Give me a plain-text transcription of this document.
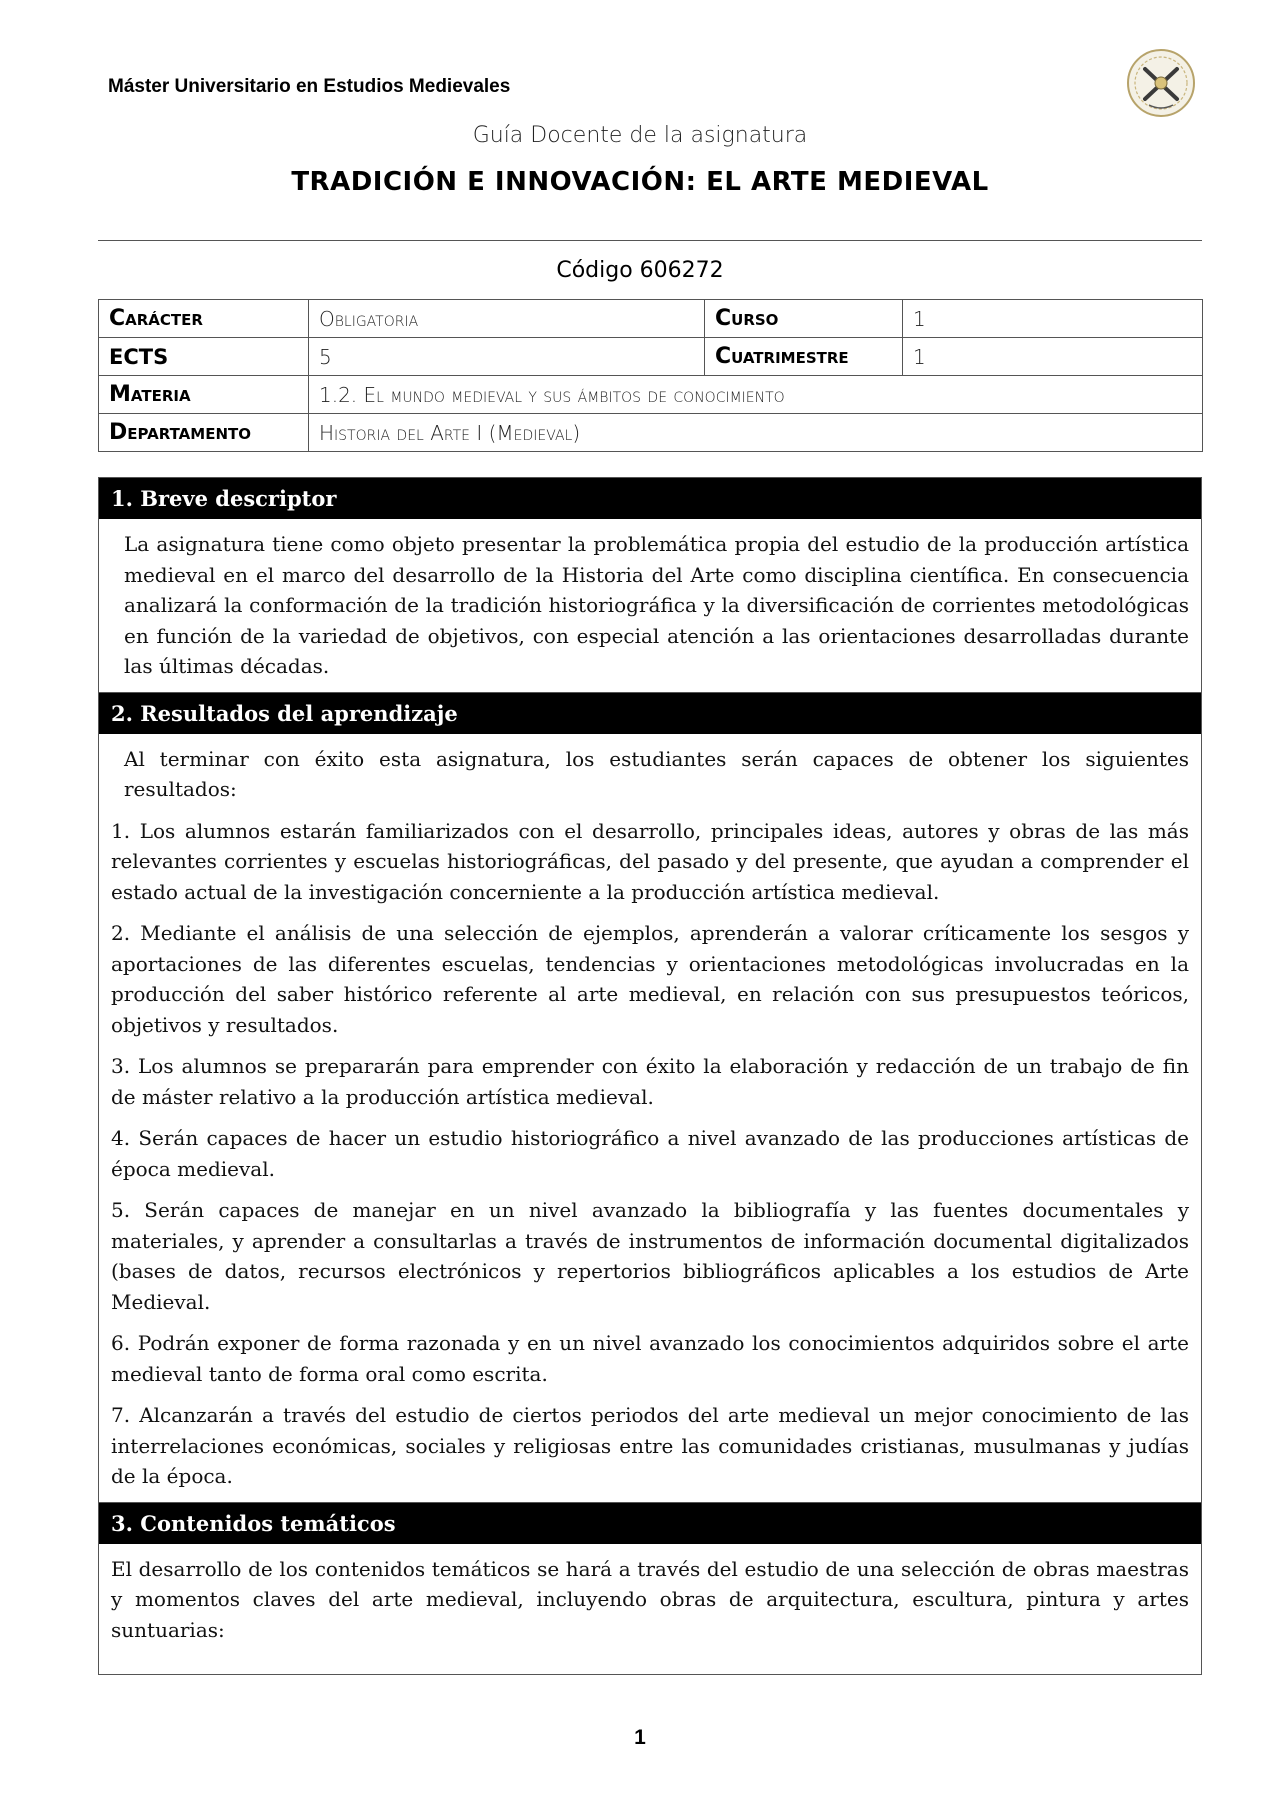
Máster Universitario en Estudios Medievales
Guía Docente de la asignatura
TRADICIÓN E INNOVACIÓN: EL ARTE MEDIEVAL
Código 606272
Carácter	Obligatoria	Curso	1
ECTS	5	Cuatrimestre	1
Materia	1.2. El mundo medieval y sus ámbitos de conocimiento		
Departamento	Historia del Arte I (Medieval)		
1. Breve descriptor

La asignatura tiene como objeto presentar la problemática propia del estudio de la producción artística medieval en el marco del desarrollo de la Historia del Arte como disciplina científica. En consecuencia analizará la conformación de la tradición historiográfica y la diversificación de corrientes metodológicas en función de la variedad de objetivos, con especial atención a las orientaciones desarrolladas durante las últimas décadas.

2. Resultados del aprendizaje

Al terminar con éxito esta asignatura, los estudiantes serán capaces de obtener los siguientes resultados:

1. Los alumnos estarán familiarizados con el desarrollo, principales ideas, autores y obras de las más relevantes corrientes y escuelas historiográficas, del pasado y del presente, que ayudan a comprender el estado actual de la investigación concerniente a la producción artística medieval.

2. Mediante el análisis de una selección de ejemplos, aprenderán a valorar críticamente los sesgos y aportaciones de las diferentes escuelas, tendencias y orientaciones metodológicas involucradas en la producción del saber histórico referente al arte medieval, en relación con sus presupuestos teóricos, objetivos y resultados.

3. Los alumnos se prepararán para emprender con éxito la elaboración y redacción de un trabajo de fin de máster relativo a la producción artística medieval.

4. Serán capaces de hacer un estudio historiográfico a nivel avanzado de las producciones artísticas de época medieval.

5. Serán capaces de manejar en un nivel avanzado la bibliografía y las fuentes documentales y materiales, y aprender a consultarlas a través de instrumentos de información documental digitalizados (bases de datos, recursos electrónicos y repertorios bibliográficos aplicables a los estudios de Arte Medieval.

6. Podrán exponer de forma razonada y en un nivel avanzado los conocimientos adquiridos sobre el arte medieval tanto de forma oral como escrita.

7. Alcanzarán a través del estudio de ciertos periodos del arte medieval un mejor conocimiento de las interrelaciones económicas, sociales y religiosas entre las comunidades cristianas, musulmanas y judías de la época.

3. Contenidos temáticos

El desarrollo de los contenidos temáticos se hará a través del estudio de una selección de obras maestras y momentos claves del arte medieval, incluyendo obras de arquitectura, escultura, pintura y artes suntuarias:

1
